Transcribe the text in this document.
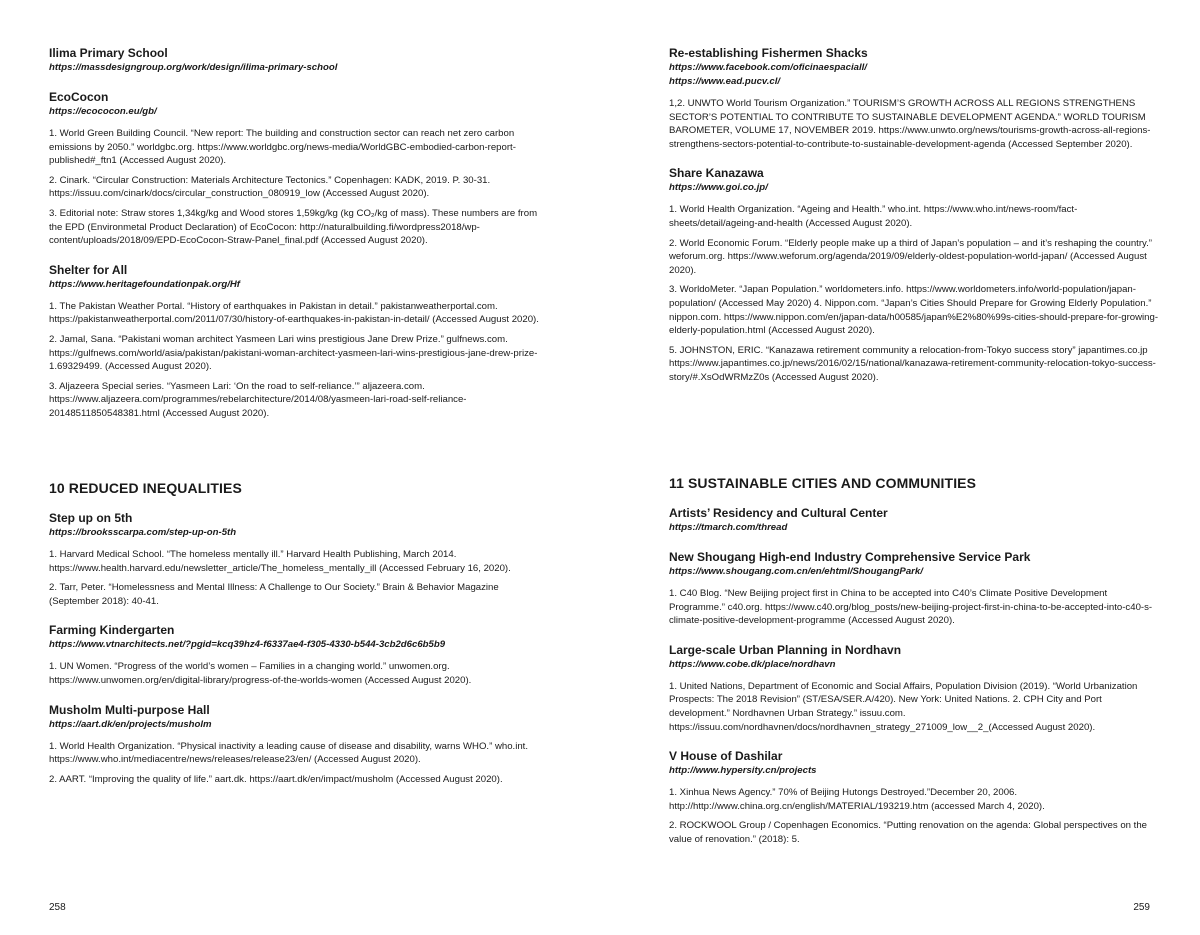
Ilima Primary School
https://massdesigngroup.org/work/design/ilima-primary-school
EcoCocon
https://ecococon.eu/gb/

1. World Green Building Council. “New report: The building and construction sector can reach net zero carbon emissions by 2050.” worldgbc.org. https://www.worldgbc.org/news-media/WorldGBC-embodied-carbon-report-published#_ftn1 (Accessed August 2020).

2. Cinark. “Circular Construction: Materials Architecture Tectonics.” Copenhagen: KADK, 2019. P. 30-31. https://issuu.com/cinark/docs/circular_construction_080919_low (Accessed August 2020).

3. Editorial note: Straw stores 1,34kg/kg and Wood stores 1,59kg/kg (kg CO₂/kg of mass). These numbers are from the EPD (Environmetal Product Declaration) of EcoCocon: http://naturalbuilding.fi/wordpress2018/wp-content/uploads/2018/09/EPD-EcoCocon-Straw-Panel_final.pdf (Accessed August 2020).

Shelter for All
https://www.heritagefoundationpak.org/Hf

1. The Pakistan Weather Portal. “History of earthquakes in Pakistan in detail.” pakistanweatherportal.com. https://pakistanweatherportal.com/2011/07/30/history-of-earthquakes-in-pakistan-in-detail/ (Accessed August 2020).

2. Jamal, Sana. “Pakistani woman architect Yasmeen Lari wins prestigious Jane Drew Prize.” gulfnews.com. https://gulfnews.com/world/asia/pakistan/pakistani-woman-architect-yasmeen-lari-wins-prestigious-jane-drew-prize-1.69329499. (Accessed August 2020).

3. Aljazeera Special series. “Yasmeen Lari: ‘On the road to self-reliance.’” aljazeera.com. https://www.aljazeera.com/programmes/rebelarchitecture/2014/08/yasmeen-lari-road-self-reliance-20148511850548381.html (Accessed August 2020).

10 REDUCED INEQUALITIES
Step up on 5th
https://brooksscarpa.com/step-up-on-5th

1. Harvard Medical School. “The homeless mentally ill.” Harvard Health Publishing, March 2014. https://www.health.harvard.edu/newsletter_article/The_homeless_mentally_ill (Accessed February 16, 2020).

2. Tarr, Peter. “Homelessness and Mental Illness: A Challenge to Our Society.” Brain & Behavior Magazine (September 2018): 40-41.

Farming Kindergarten
https://www.vtnarchitects.net/?pgid=kcq39hz4-f6337ae4-f305-4330-b544-3cb2d6c6b5b9

1. UN Women. “Progress of the world’s women – Families in a changing world.” unwomen.org. https://www.unwomen.org/en/digital-library/progress-of-the-worlds-women (Accessed August 2020).

Musholm Multi-purpose Hall
https://aart.dk/en/projects/musholm

1. World Health Organization. “Physical inactivity a leading cause of disease and disability, warns WHO.” who.int. https://www.who.int/mediacentre/news/releases/release23/en/ (Accessed August 2020).

2. AART. “Improving the quality of life.” aart.dk. https://aart.dk/en/impact/musholm (Accessed August 2020).

Re-establishing Fishermen Shacks
https://www.facebook.com/oficinaespaciall/
https://www.ead.pucv.cl/

1,2. UNWTO World Tourism Organization.” TOURISM’S GROWTH ACROSS ALL REGIONS STRENGTHENS SECTOR’S POTENTIAL TO CONTRIBUTE TO SUSTAINABLE DEVELOPMENT AGENDA.” WORLD TOURISM BAROMETER, VOLUME 17, NOVEMBER 2019. https://www.unwto.org/news/tourisms-growth-across-all-regions-strengthens-sectors-potential-to-contribute-to-sustainable-development-agenda (Accessed September 2020).

Share Kanazawa
https://www.goi.co.jp/

1. World Health Organization. “Ageing and Health.” who.int. https://www.who.int/news-room/fact-sheets/detail/ageing-and-health (Accessed August 2020).

2. World Economic Forum. “Elderly people make up a third of Japan’s population – and it’s reshaping the country.” weforum.org. https://www.weforum.org/agenda/2019/09/elderly-oldest-population-world-japan/ (Accessed August 2020).

3. WorldoMeter. “Japan Population.” worldometers.info. https://www.worldometers.info/world-population/japan-population/ (Accessed May 2020) 4. Nippon.com. “Japan’s Cities Should Prepare for Growing Elderly Population.” nippon.com. https://www.nippon.com/en/japan-data/h00585/japan%E2%80%99s-cities-should-prepare-for-growing-elderly-population.html (Accessed August 2020).

5. JOHNSTON, ERIC. “Kanazawa retirement community a relocation-from-Tokyo success story” japantimes.co.jp https://www.japantimes.co.jp/news/2016/02/15/national/kanazawa-retirement-community-relocation-tokyo-success-story/#.XsOdWRMzZ0s (Accessed August 2020).

11 SUSTAINABLE CITIES AND COMMUNITIES
Artists’ Residency and Cultural Center
https://tmarch.com/thread
New Shougang High-end Industry Comprehensive Service Park
https://www.shougang.com.cn/en/ehtml/ShougangPark/

1. C40 Blog. “New Beijing project first in China to be accepted into C40’s Climate Positive Development Programme.” c40.org. https://www.c40.org/blog_posts/new-beijing-project-first-in-china-to-be-accepted-into-c40-s-climate-positive-development-programme (Accessed August 2020).

Large-scale Urban Planning in Nordhavn
https://www.cobe.dk/place/nordhavn

1. United Nations, Department of Economic and Social Affairs, Population Division (2019). “World Urbanization Prospects: The 2018 Revision” (ST/ESA/SER.A/420). New York: United Nations. 2. CPH City and Port development.” Nordhavnen Urban Strategy.” issuu.com. https://issuu.com/nordhavnen/docs/nordhavnen_strategy_271009_low__2_(Accessed August 2020).

V House of Dashilar
http://www.hypersity.cn/projects

1. Xinhua News Agency.” 70% of Beijing Hutongs Destroyed.”December 20, 2006. http://http://www.china.org.cn/english/MATERIAL/193219.htm (accessed March 4, 2020).

2. ROCKWOOL Group / Copenhagen Economics. “Putting renovation on the agenda: Global perspectives on the value of renovation.” (2018): 5.

258	259
